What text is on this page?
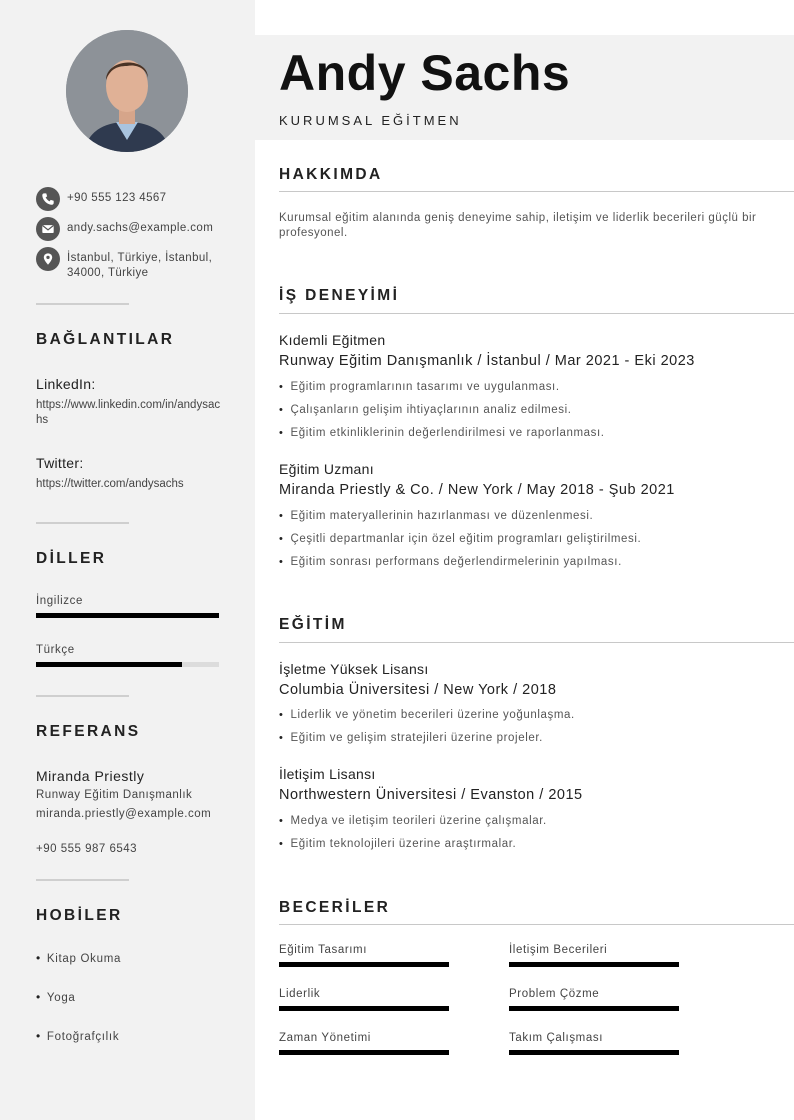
+90 555 123 4567
andy.sachs@example.com
İstanbul, Türkiye, İstanbul, 34000, Türkiye
BAĞLANTILAR
LinkedIn:
https://www.linkedin.com/in/andysachs
Twitter:
https://twitter.com/andysachs
DİLLER
İngilizce
Türkçe
REFERANS
Miranda Priestly
Runway Eğitim Danışmanlık
miranda.priestly@example.com
+90 555 987 6543
HOBİLER
• Kitap Okuma
• Yoga
• Fotoğrafçılık
Andy Sachs
KURUMSAL EĞİTMEN
HAKKIMDA
Kurumsal eğitim alanında geniş deneyime sahip, iletişim ve liderlik becerileri güçlü bir profesyonel.
İŞ DENEYİMİ
Kıdemli Eğitmen
Runway Eğitim Danışmanlık / İstanbul / Mar 2021 - Eki 2023
• Eğitim programlarının tasarımı ve uygulanması.
• Çalışanların gelişim ihtiyaçlarının analiz edilmesi.
• Eğitim etkinliklerinin değerlendirilmesi ve raporlanması.
Eğitim Uzmanı
Miranda Priestly & Co. / New York / May 2018 - Şub 2021
• Eğitim materyallerinin hazırlanması ve düzenlenmesi.
• Çeşitli departmanlar için özel eğitim programları geliştirilmesi.
• Eğitim sonrası performans değerlendirmelerinin yapılması.
EĞİTİM
İşletme Yüksek Lisansı
Columbia Üniversitesi / New York / 2018
• Liderlik ve yönetim becerileri üzerine yoğunlaşma.
• Eğitim ve gelişim stratejileri üzerine projeler.
İletişim Lisansı
Northwestern Üniversitesi / Evanston / 2015
• Medya ve iletişim teorileri üzerine çalışmalar.
• Eğitim teknolojileri üzerine araştırmalar.
BECERİLER
Eğitim Tasarımı	İletişim Becerileri
Liderlik	Problem Çözme
Zaman Yönetimi	Takım Çalışması
